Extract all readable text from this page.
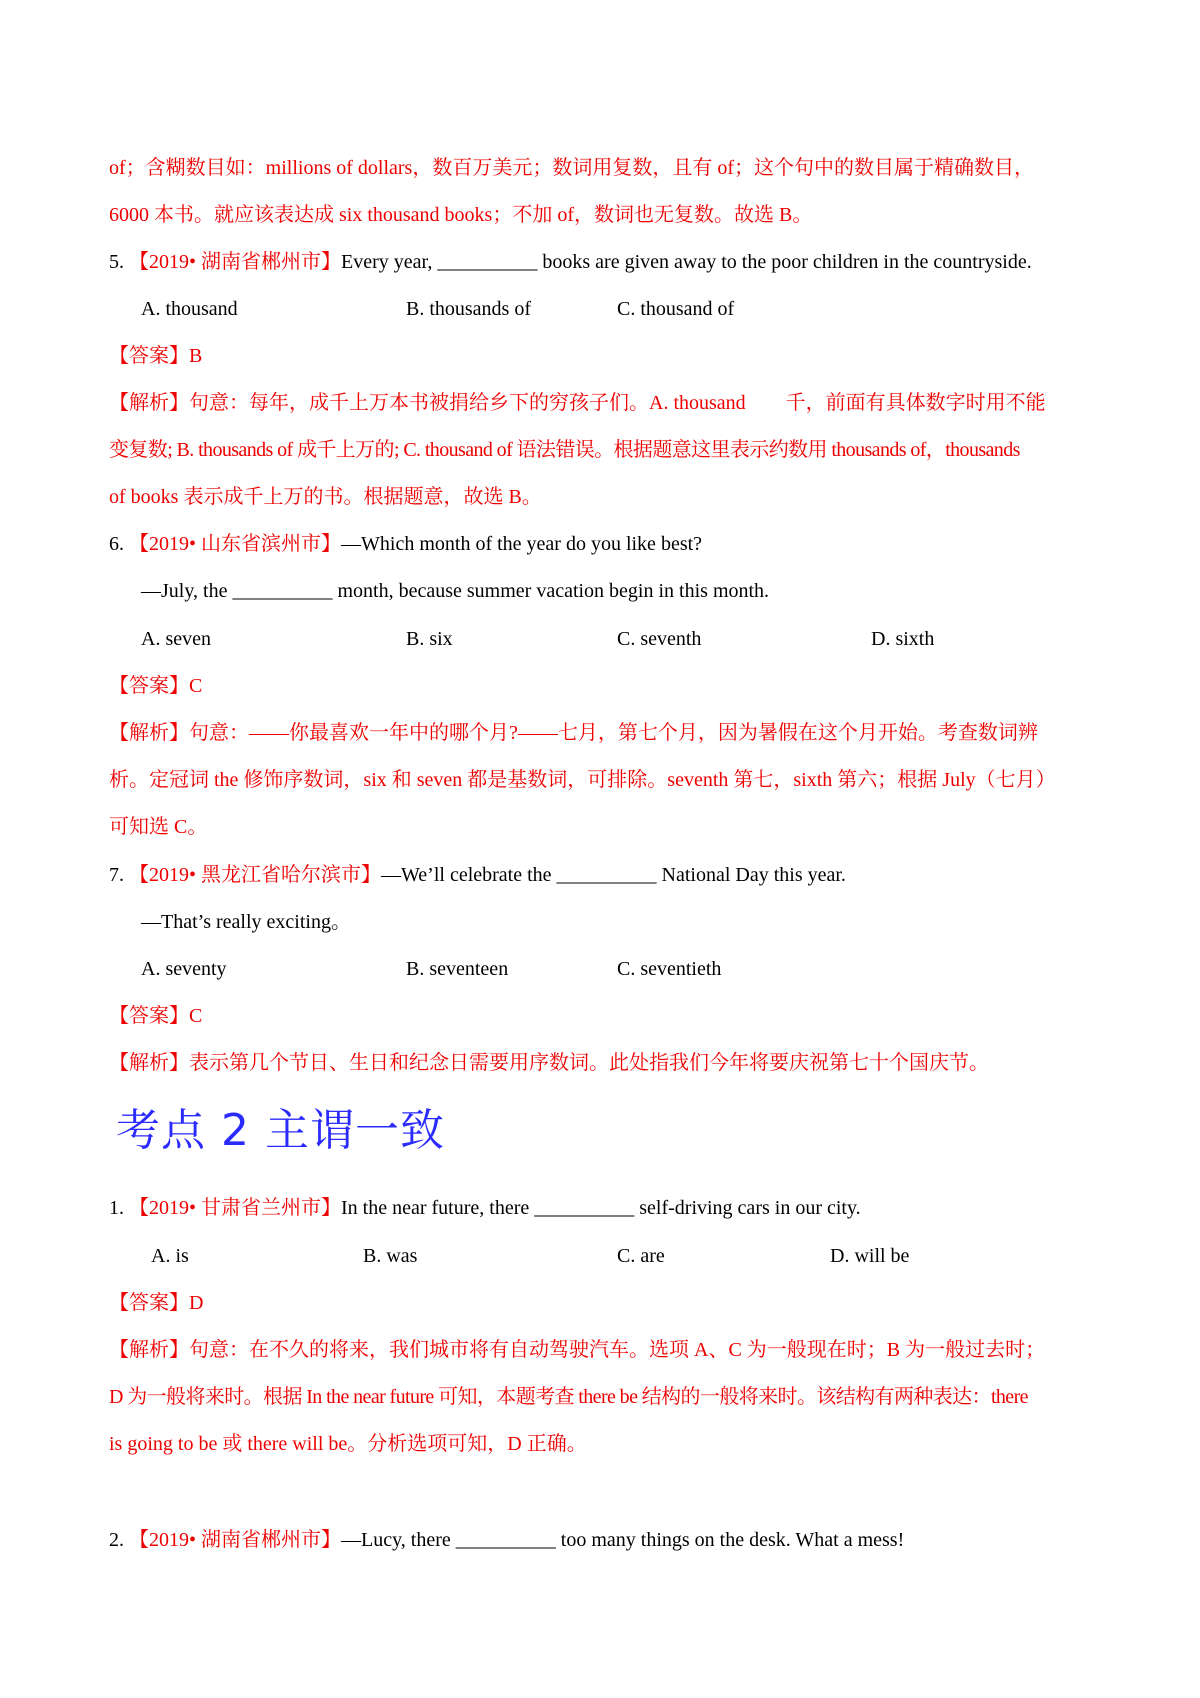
of；含糊数目如：millions of dollars，数百万美元；数词用复数，且有 of；这个句中的数目属于精确数目，
6000 本书。就应该表达成 six thousand books；不加 of，数词也无复数。故选 B。
5. 【2019• 湖南省郴州市】Every year, __________ books are given away to the poor children in the countryside.
A. thousand	B. thousands of	C. thousand of
【答案】B
【解析】句意：每年，成千上万本书被捐给乡下的穷孩子们。A. thousand　　千，前面有具体数字时用不能
变复数; B. thousands of 成千上万的; C. thousand of 语法错误。根据题意这里表示约数用 thousands of，thousands
of books 表示成千上万的书。根据题意，故选 B。
6. 【2019• 山东省滨州市】—Which month of the year do you like best?
—July, the __________ month, because summer vacation begin in this month.
A. seven	B. six	C. seventh	D. sixth
【答案】C
【解析】句意：——你最喜欢一年中的哪个月?——七月，第七个月，因为暑假在这个月开始。考查数词辨
析。定冠词 the 修饰序数词，six 和 seven 都是基数词，可排除。seventh 第七，sixth 第六；根据 July（七月）
可知选 C。
7. 【2019• 黑龙江省哈尔滨市】—We’ll celebrate the __________ National Day this year.
—That’s really exciting。
A. seventy	B. seventeen	C. seventieth
【答案】C
【解析】表示第几个节日、生日和纪念日需要用序数词。此处指我们今年将要庆祝第七十个国庆节。
考点 2 主谓一致
1. 【2019• 甘肃省兰州市】In the near future, there __________ self-driving cars in our city.
A. is	B. was	C. are	D. will be
【答案】D
【解析】句意：在不久的将来，我们城市将有自动驾驶汽车。选项 A、C 为一般现在时；B 为一般过去时；
D 为一般将来时。根据 In the near future 可知，本题考查 there be 结构的一般将来时。该结构有两种表达：there
is going to be 或 there will be。分析选项可知，D 正确。
2. 【2019• 湖南省郴州市】—Lucy, there __________ too many things on the desk. What a mess!
